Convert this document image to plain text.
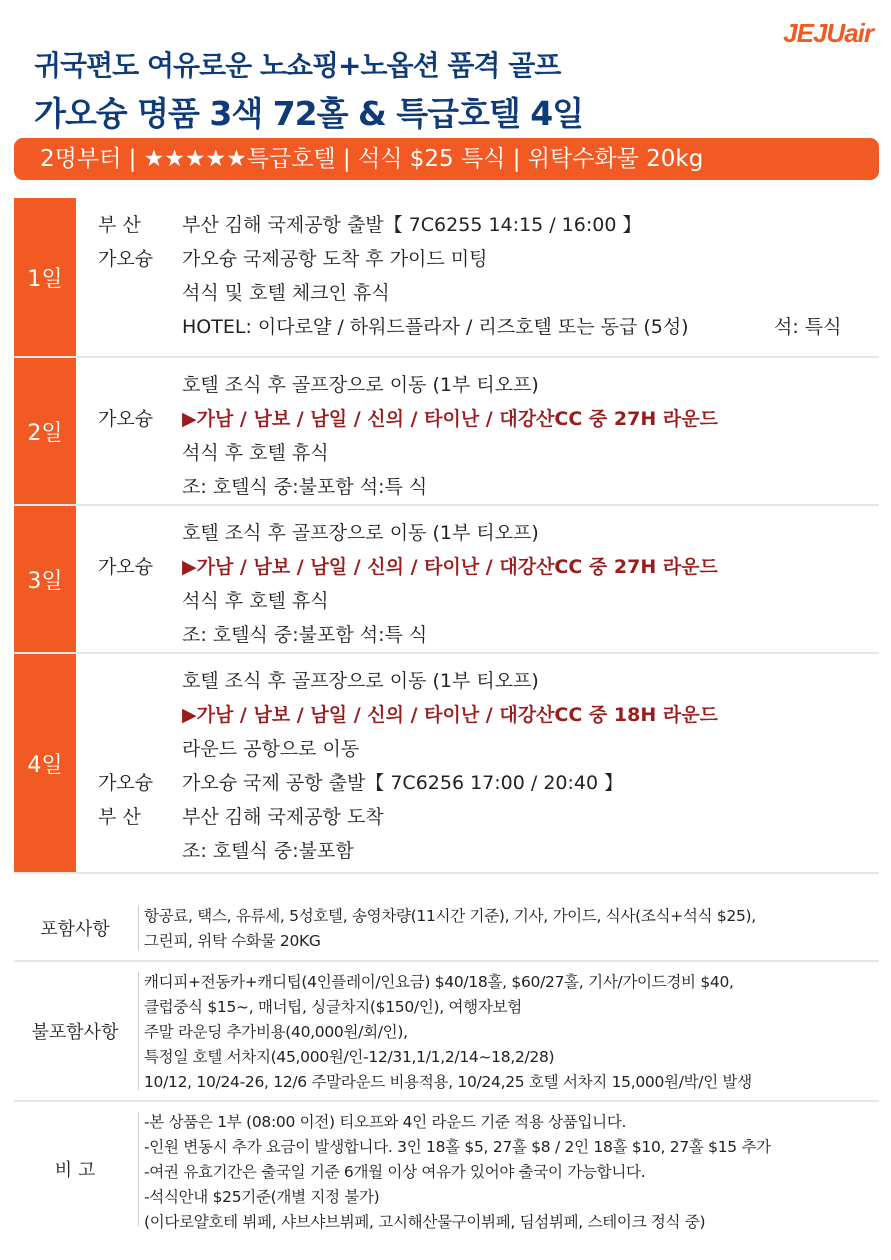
JEJUair
귀국편도 여유로운 노쇼핑+노옵션 품격 골프
가오슝 명품 3색 72홀 & 특급호텔 4일
2명부터 | ★★★★★특급호텔 | 석식 $25 특식 | 위탁수화물 20kg
1일
부 산	부산 김해 국제공항 출발【 7C6255 14:15 / 16:00 】
가오슝	가오슝 국제공항 도착 후 가이드 미팅
석식 및 호텔 체크인 휴식
HOTEL: 이다로얄 / 하워드플라자 / 리즈호텔 또는 동급 (5성)	석: 특식
2일
호텔 조식 후 골프장으로 이동 (1부 티오프)
가오슝	▶가남 / 남보 / 남일 / 신의 / 타이난 / 대강산CC 중 27H 라운드
석식 후 호텔 휴식
조: 호텔식 중:불포함 석:특 식
3일
호텔 조식 후 골프장으로 이동 (1부 티오프)
가오슝	▶가남 / 남보 / 남일 / 신의 / 타이난 / 대강산CC 중 27H 라운드
석식 후 호텔 휴식
조: 호텔식 중:불포함 석:특 식
4일
호텔 조식 후 골프장으로 이동 (1부 티오프)
▶가남 / 남보 / 남일 / 신의 / 타이난 / 대강산CC 중 18H 라운드
라운드 공항으로 이동
가오슝	가오슝 국제 공항 출발【 7C6256 17:00 / 20:40 】
부 산	부산 김해 국제공항 도착
조: 호텔식 중:불포함
포함사항
항공료, 택스, 유류세, 5성호텔, 송영차량(11시간 기준), 기사, 가이드, 식사(조식+석식 $25),
그린피, 위탁 수화물 20KG
불포함사항
캐디피+전동카+캐디팁(4인플레이/인요금) $40/18홀, $60/27홀, 기사/가이드경비 $40,
클럽중식 $15~, 매너팁, 싱글차지($150/인), 여행자보험
주말 라운딩 추가비용(40,000원/회/인),
특정일 호텔 서차지(45,000원/인-12/31,1/1,2/14~18,2/28)
10/12, 10/24-26, 12/6 주말라운드 비용적용, 10/24,25 호텔 서차지 15,000원/박/인 발생
비 고
-본 상품은 1부 (08:00 이전) 티오프와 4인 라운드 기준 적용 상품입니다.
-인원 변동시 추가 요금이 발생합니다. 3인 18홀 $5, 27홀 $8 / 2인 18홀 $10, 27홀 $15 추가
-여권 유효기간은 출국일 기준 6개월 이상 여유가 있어야 출국이 가능합니다.
-석식안내 $25기준(개별 지정 불가)
(이다로얄호테 뷔페, 샤브샤브뷔페, 고시해산물구이뷔페, 딤섬뷔페, 스테이크 정식 중)
